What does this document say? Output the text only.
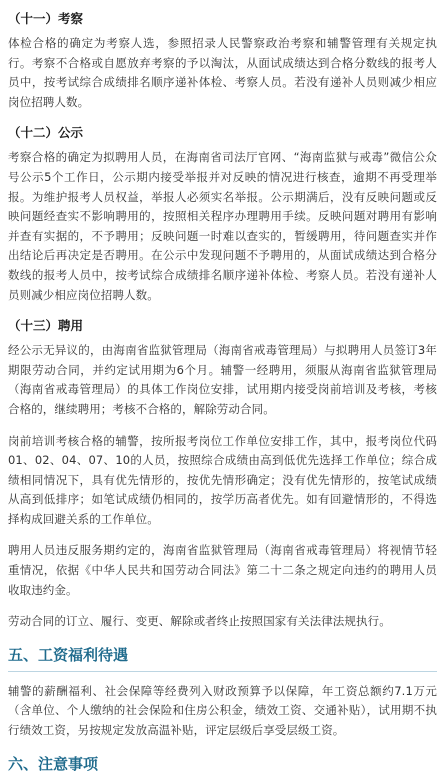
（十一）考察

体检合格的确定为考察人选，参照招录人民警察政治考察和辅警管理有关规定执行。考察不合格或自愿放弃考察的予以淘汰，从面试成绩达到合格分数线的报考人员中，按考试综合成绩排名顺序递补体检、考察人员。若没有递补人员则减少相应岗位招聘人数。

（十二）公示

考察合格的确定为拟聘用人员，在海南省司法厅官网、“海南监狱与戒毒”微信公众号公示5个工作日，公示期内接受举报并对反映的情况进行核查，逾期不再受理举报。为维护报考人员权益，举报人必须实名举报。公示期满后，没有反映问题或反映问题经查实不影响聘用的，按照相关程序办理聘用手续。反映问题对聘用有影响并查有实据的，不予聘用；反映问题一时难以查实的，暂缓聘用，待问题查实并作出结论后再决定是否聘用。在公示中发现问题不予聘用的，从面试成绩达到合格分数线的报考人员中，按考试综合成绩排名顺序递补体检、考察人员。若没有递补人员则减少相应岗位招聘人数。

（十三）聘用

经公示无异议的，由海南省监狱管理局（海南省戒毒管理局）与拟聘用人员签订3年期限劳动合同，并约定试用期为6个月。辅警一经聘用，须服从海南省监狱管理局（海南省戒毒管理局）的具体工作岗位安排，试用期内接受岗前培训及考核，考核合格的，继续聘用；考核不合格的，解除劳动合同。

岗前培训考核合格的辅警，按所报考岗位工作单位安排工作，其中，报考岗位代码01、02、04、07、10的人员，按照综合成绩由高到低优先选择工作单位；综合成绩相同情况下，具有优先情形的，按优先情形确定；没有优先情形的，按笔试成绩从高到低排序；如笔试成绩仍相同的，按学历高者优先。如有回避情形的，不得选择构成回避关系的工作单位。

聘用人员违反服务期约定的，海南省监狱管理局（海南省戒毒管理局）将视情节轻重情况，依据《中华人民共和国劳动合同法》第二十二条之规定向违约的聘用人员收取违约金。

劳动合同的订立、履行、变更、解除或者终止按照国家有关法律法规执行。

五、工资福利待遇

辅警的薪酬福利、社会保障等经费列入财政预算予以保障，年工资总额约7.1万元（含单位、个人缴纳的社会保险和住房公积金，绩效工资、交通补贴），试用期不执行绩效工资，另按规定发放高温补贴，评定层级后享受层级工资。

六、注意事项
